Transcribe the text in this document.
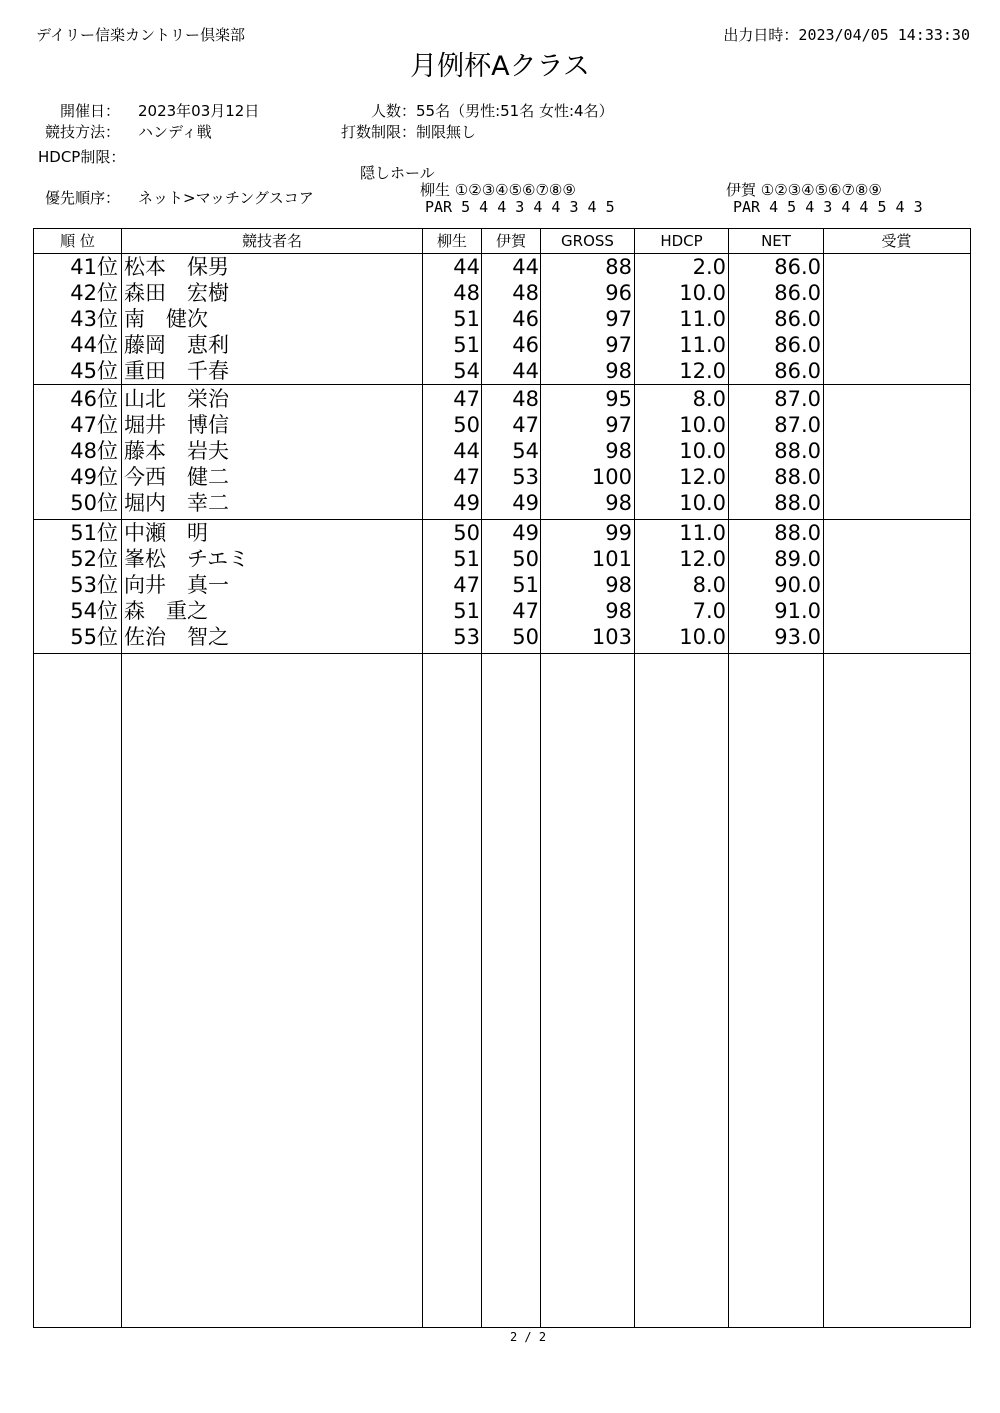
デイリー信楽カントリー倶楽部	出力日時：2023/04/05 14:33:30
月例杯Aクラス
開催日： 2023年03月12日	人数： 55名（男性:51名 女性:4名）
競技方法： ハンディ戦	打数制限： 制限無し
HDCP制限：
隠しホール
優先順序： ネット>マッチングスコア	柳生 ①②③④⑤⑥⑦⑧⑨
PAR 5 4 4 3 4 4 3 4 5
伊賀 ①②③④⑤⑥⑦⑧⑨
PAR 4 5 4 3 4 4 5 4 3
順 位	競技者名	柳生	伊賀	GROSS	HDCP	NET	受賞
41位 松本　保男	44	44	88	2.0	86.0
42位 森田　宏樹	48	48	96	10.0	86.0
43位 南　健次	51	46	97	11.0	86.0
44位 藤岡　恵利	51	46	97	11.0	86.0
45位 重田　千春	54	44	98	12.0	86.0
46位 山北　栄治	47	48	95	8.0	87.0
47位 堀井　博信	50	47	97	10.0	87.0
48位 藤本　岩夫	44	54	98	10.0	88.0
49位 今西　健二	47	53	100	12.0	88.0
50位 堀内　幸二	49	49	98	10.0	88.0
51位 中瀬　明	50	49	99	11.0	88.0
52位 峯松　チエミ	51	50	101	12.0	89.0
53位 向井　真一	47	51	98	8.0	90.0
54位 森　重之	51	47	98	7.0	91.0
55位 佐治　智之	53	50	103	10.0	93.0
2 / 2
